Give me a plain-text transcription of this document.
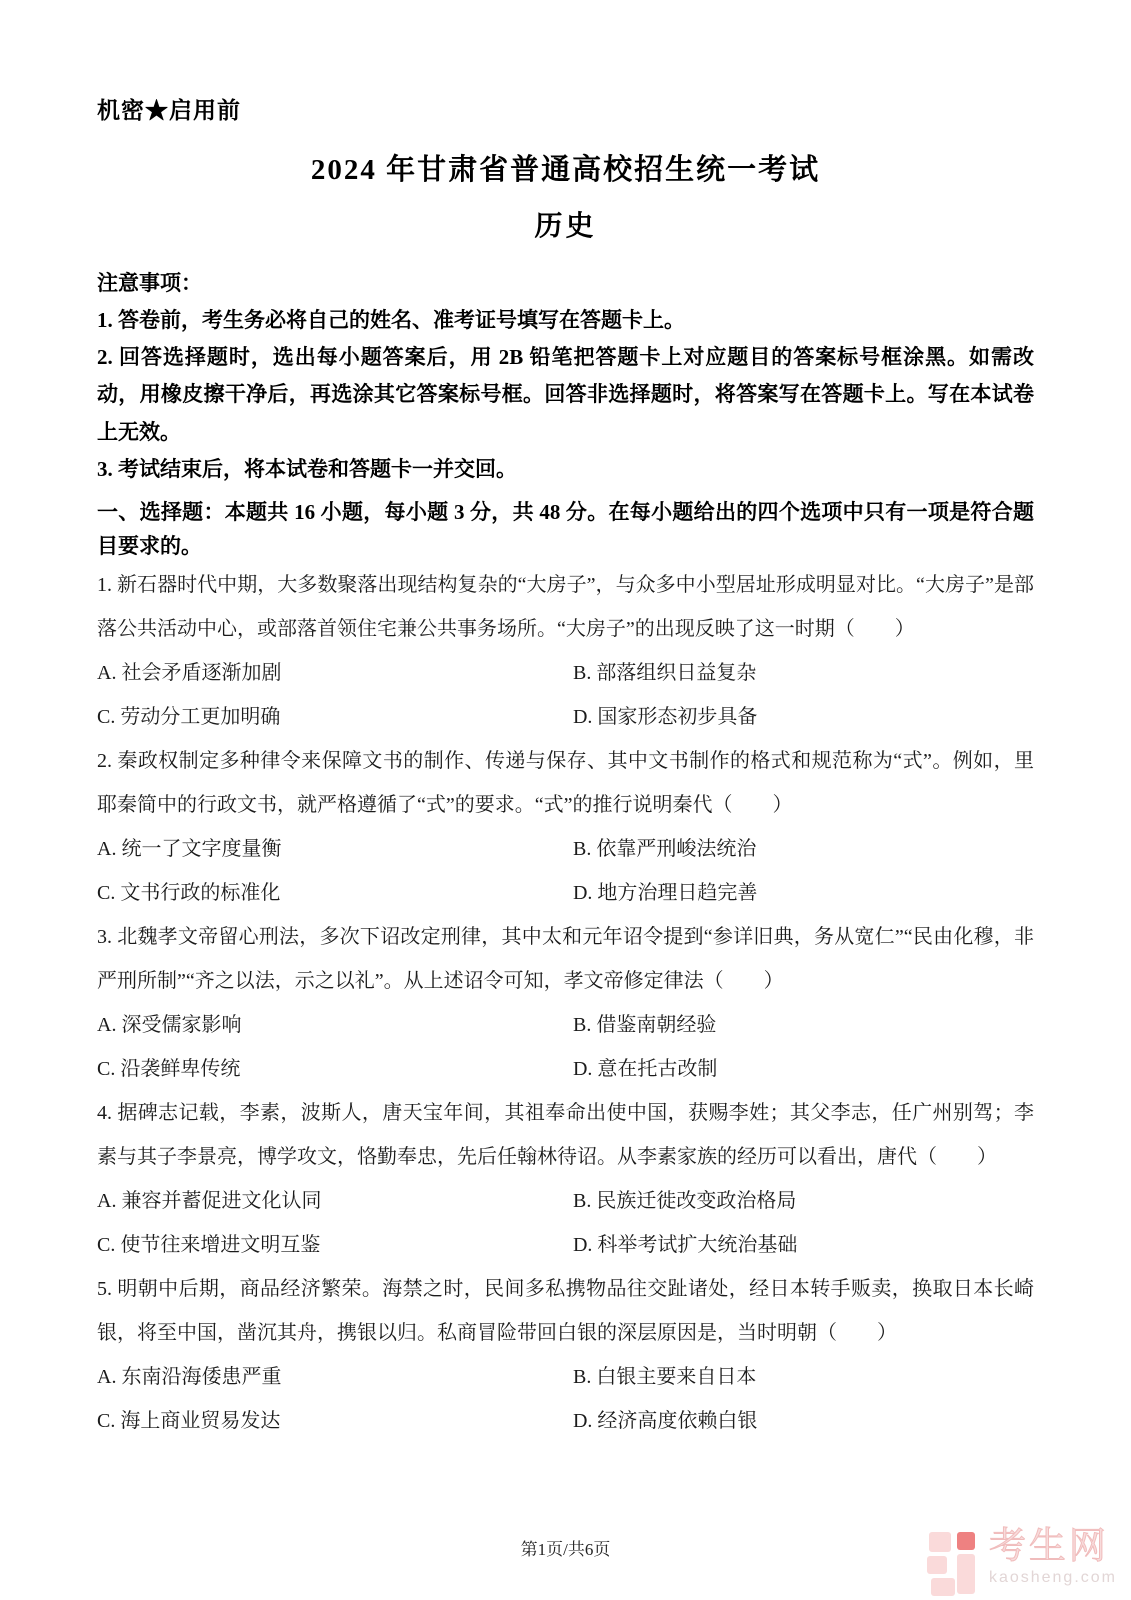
机密★启用前
2024 年甘肃省普通高校招生统一考试
历史
注意事项：

1. 答卷前，考生务必将自己的姓名、准考证号填写在答题卡上。

2. 回答选择题时，选出每小题答案后，用 2B 铅笔把答题卡上对应题目的答案标号框涂黑。如需改动，用橡皮擦干净后，再选涂其它答案标号框。回答非选择题时，将答案写在答题卡上。写在本试卷上无效。

3. 考试结束后，将本试卷和答题卡一并交回。

一、选择题：本题共 16 小题，每小题 3 分，共 48 分。在每小题给出的四个选项中只有一项是符合题目要求的。

1. 新石器时代中期，大多数聚落出现结构复杂的“大房子”，与众多中小型居址形成明显对比。“大房子”是部落公共活动中心，或部落首领住宅兼公共事务场所。“大房子”的出现反映了这一时期（　　）

A. 社会矛盾逐渐加剧	B. 部落组织日益复杂
C. 劳动分工更加明确	D. 国家形态初步具备

2. 秦政权制定多种律令来保障文书的制作、传递与保存、其中文书制作的格式和规范称为“式”。例如，里耶秦简中的行政文书，就严格遵循了“式”的要求。“式”的推行说明秦代（　　）

A. 统一了文字度量衡	B. 依靠严刑峻法统治
C. 文书行政的标准化	D. 地方治理日趋完善

3. 北魏孝文帝留心刑法，多次下诏改定刑律，其中太和元年诏令提到“参详旧典，务从宽仁”“民由化穆，非严刑所制”“齐之以法，示之以礼”。从上述诏令可知，孝文帝修定律法（　　）

A. 深受儒家影响	B. 借鉴南朝经验
C. 沿袭鲜卑传统	D. 意在托古改制

4. 据碑志记载，李素，波斯人，唐天宝年间，其祖奉命出使中国，获赐李姓；其父李志，任广州别驾；李素与其子李景亮，博学攻文，恪勤奉忠，先后任翰林待诏。从李素家族的经历可以看出，唐代（　　）

A. 兼容并蓄促进文化认同	B. 民族迁徙改变政治格局
C. 使节往来增进文明互鉴	D. 科举考试扩大统治基础

5. 明朝中后期，商品经济繁荣。海禁之时，民间多私携物品往交趾诸处，经日本转手贩卖，换取日本长崎银，将至中国，凿沉其舟，携银以归。私商冒险带回白银的深层原因是，当时明朝（　　）

A. 东南沿海倭患严重	B. 白银主要来自日本
C. 海上商业贸易发达	D. 经济高度依赖白银
第1页/共6页	考生网
kaosheng.com
